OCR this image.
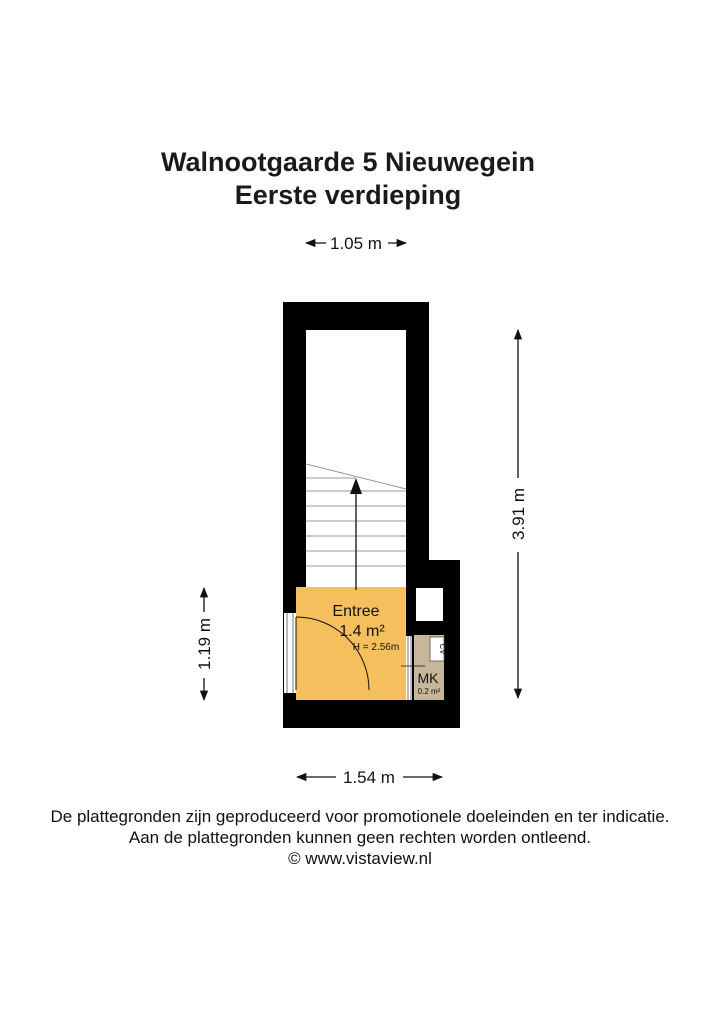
Walnootgaarde 5 Nieuwegein
Eerste verdieping
1.05 m
3.91 m
1.19 m
1.54 m
CV
Entree
1.4 m²
H = 2.56m
MK
0.2 m²
De plattegronden zijn geproduceerd voor promotionele doeleinden en ter indicatie.
Aan de plattegronden kunnen geen rechten worden ontleend.
© www.vistaview.nl
